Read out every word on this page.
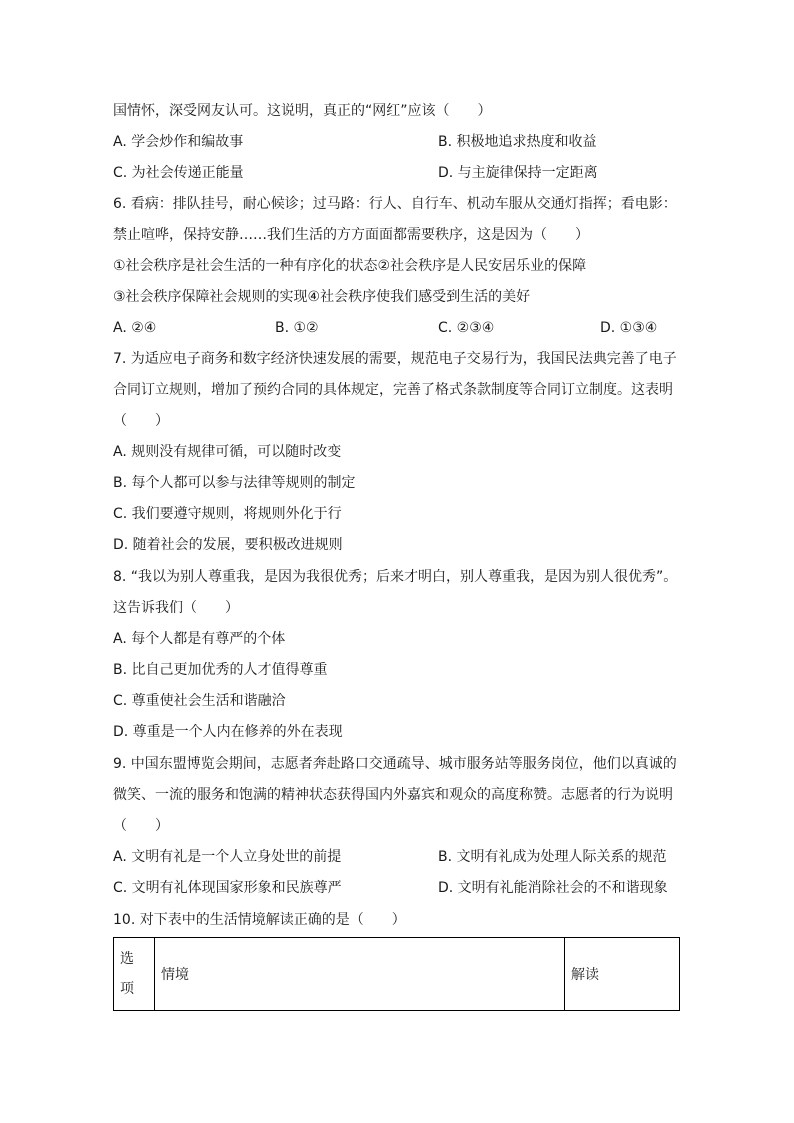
国情怀，深受网友认可。这说明，真正的“网红”应该（　　）
A. 学会炒作和编故事	B. 积极地追求热度和收益
C. 为社会传递正能量	D. 与主旋律保持一定距离
6. 看病：排队挂号，耐心候诊；过马路：行人、自行车、机动车服从交通灯指挥；看电影：
禁止喧哗，保持安静……我们生活的方方面面都需要秩序，这是因为（　　）
①社会秩序是社会生活的一种有序化的状态②社会秩序是人民安居乐业的保障
③社会秩序保障社会规则的实现④社会秩序使我们感受到生活的美好
A. ②④	B. ①②	C. ②③④	D. ①③④
7. 为适应电子商务和数字经济快速发展的需要，规范电子交易行为，我国民法典完善了电子
合同订立规则，增加了预约合同的具体规定，完善了格式条款制度等合同订立制度。这表明
（　　）
A. 规则没有规律可循，可以随时改变
B. 每个人都可以参与法律等规则的制定
C. 我们要遵守规则，将规则外化于行
D. 随着社会的发展，要积极改进规则
8. “我以为别人尊重我，是因为我很优秀；后来才明白，别人尊重我，是因为别人很优秀”。
这告诉我们（　　）
A. 每个人都是有尊严的个体
B. 比自己更加优秀的人才值得尊重
C. 尊重使社会生活和谐融洽
D. 尊重是一个人内在修养的外在表现
9. 中国东盟博览会期间，志愿者奔赴路口交通疏导、城市服务站等服务岗位，他们以真诚的
微笑、一流的服务和饱满的精神状态获得国内外嘉宾和观众的高度称赞。志愿者的行为说明
（　　）
A. 文明有礼是一个人立身处世的前提	B. 文明有礼成为处理人际关系的规范
C. 文明有礼体现国家形象和民族尊严	D. 文明有礼能消除社会的不和谐现象
10. 对下表中的生活情境解读正确的是（　　）
选
项
	情境	解读
